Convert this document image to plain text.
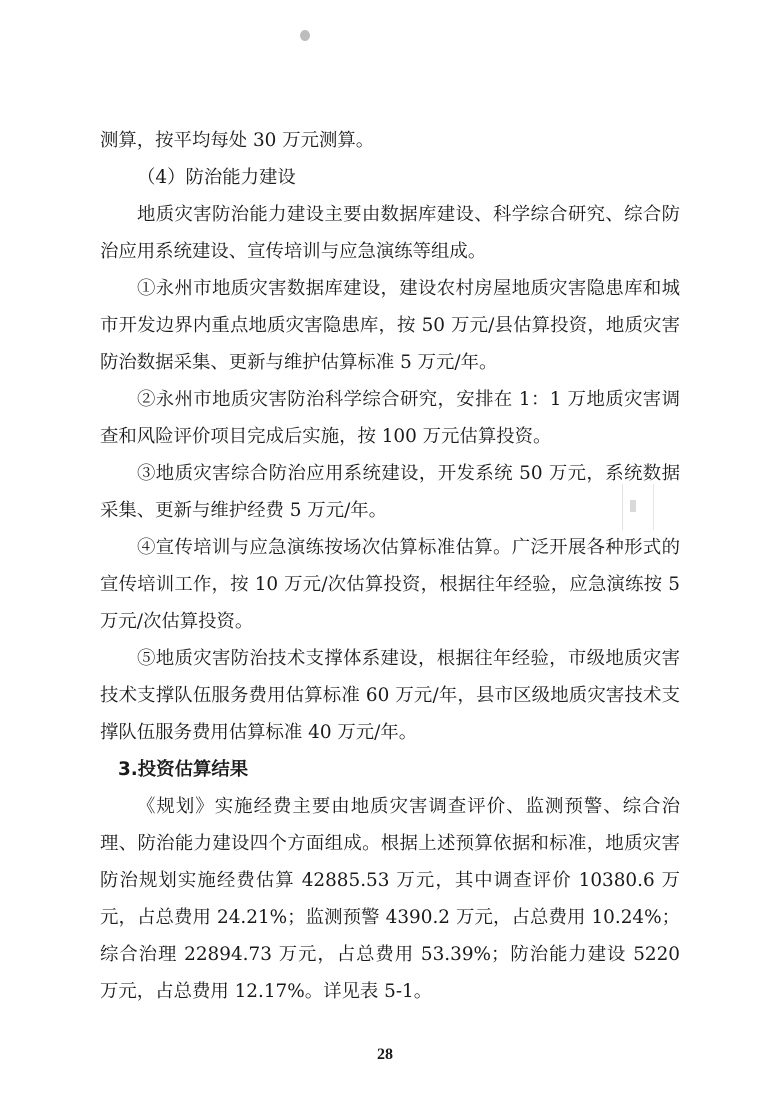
测算，按平均每处 30 万元测算。

（4）防治能力建设

地质灾害防治能力建设主要由数据库建设、科学综合研究、综合防治应用系统建设、宣传培训与应急演练等组成。

①永州市地质灾害数据库建设，建设农村房屋地质灾害隐患库和城市开发边界内重点地质灾害隐患库，按 50 万元/县估算投资，地质灾害防治数据采集、更新与维护估算标准 5 万元/年。

②永州市地质灾害防治科学综合研究，安排在 1：1 万地质灾害调查和风险评价项目完成后实施，按 100 万元估算投资。

③地质灾害综合防治应用系统建设，开发系统 50 万元，系统数据采集、更新与维护经费 5 万元/年。

④宣传培训与应急演练按场次估算标准估算。广泛开展各种形式的宣传培训工作，按 10 万元/次估算投资，根据往年经验，应急演练按 5 万元/次估算投资。

⑤地质灾害防治技术支撑体系建设，根据往年经验，市级地质灾害技术支撑队伍服务费用估算标准 60 万元/年，县市区级地质灾害技术支撑队伍服务费用估算标准 40 万元/年。

3.投资估算结果

《规划》实施经费主要由地质灾害调查评价、监测预警、综合治理、防治能力建设四个方面组成。根据上述预算依据和标准，地质灾害防治规划实施经费估算 42885.53 万元，其中调查评价 10380.6 万元，占总费用 24.21%；监测预警 4390.2 万元，占总费用 10.24%；综合治理 22894.73 万元，占总费用 53.39%；防治能力建设 5220 万元，占总费用 12.17%。详见表 5-1。

28
